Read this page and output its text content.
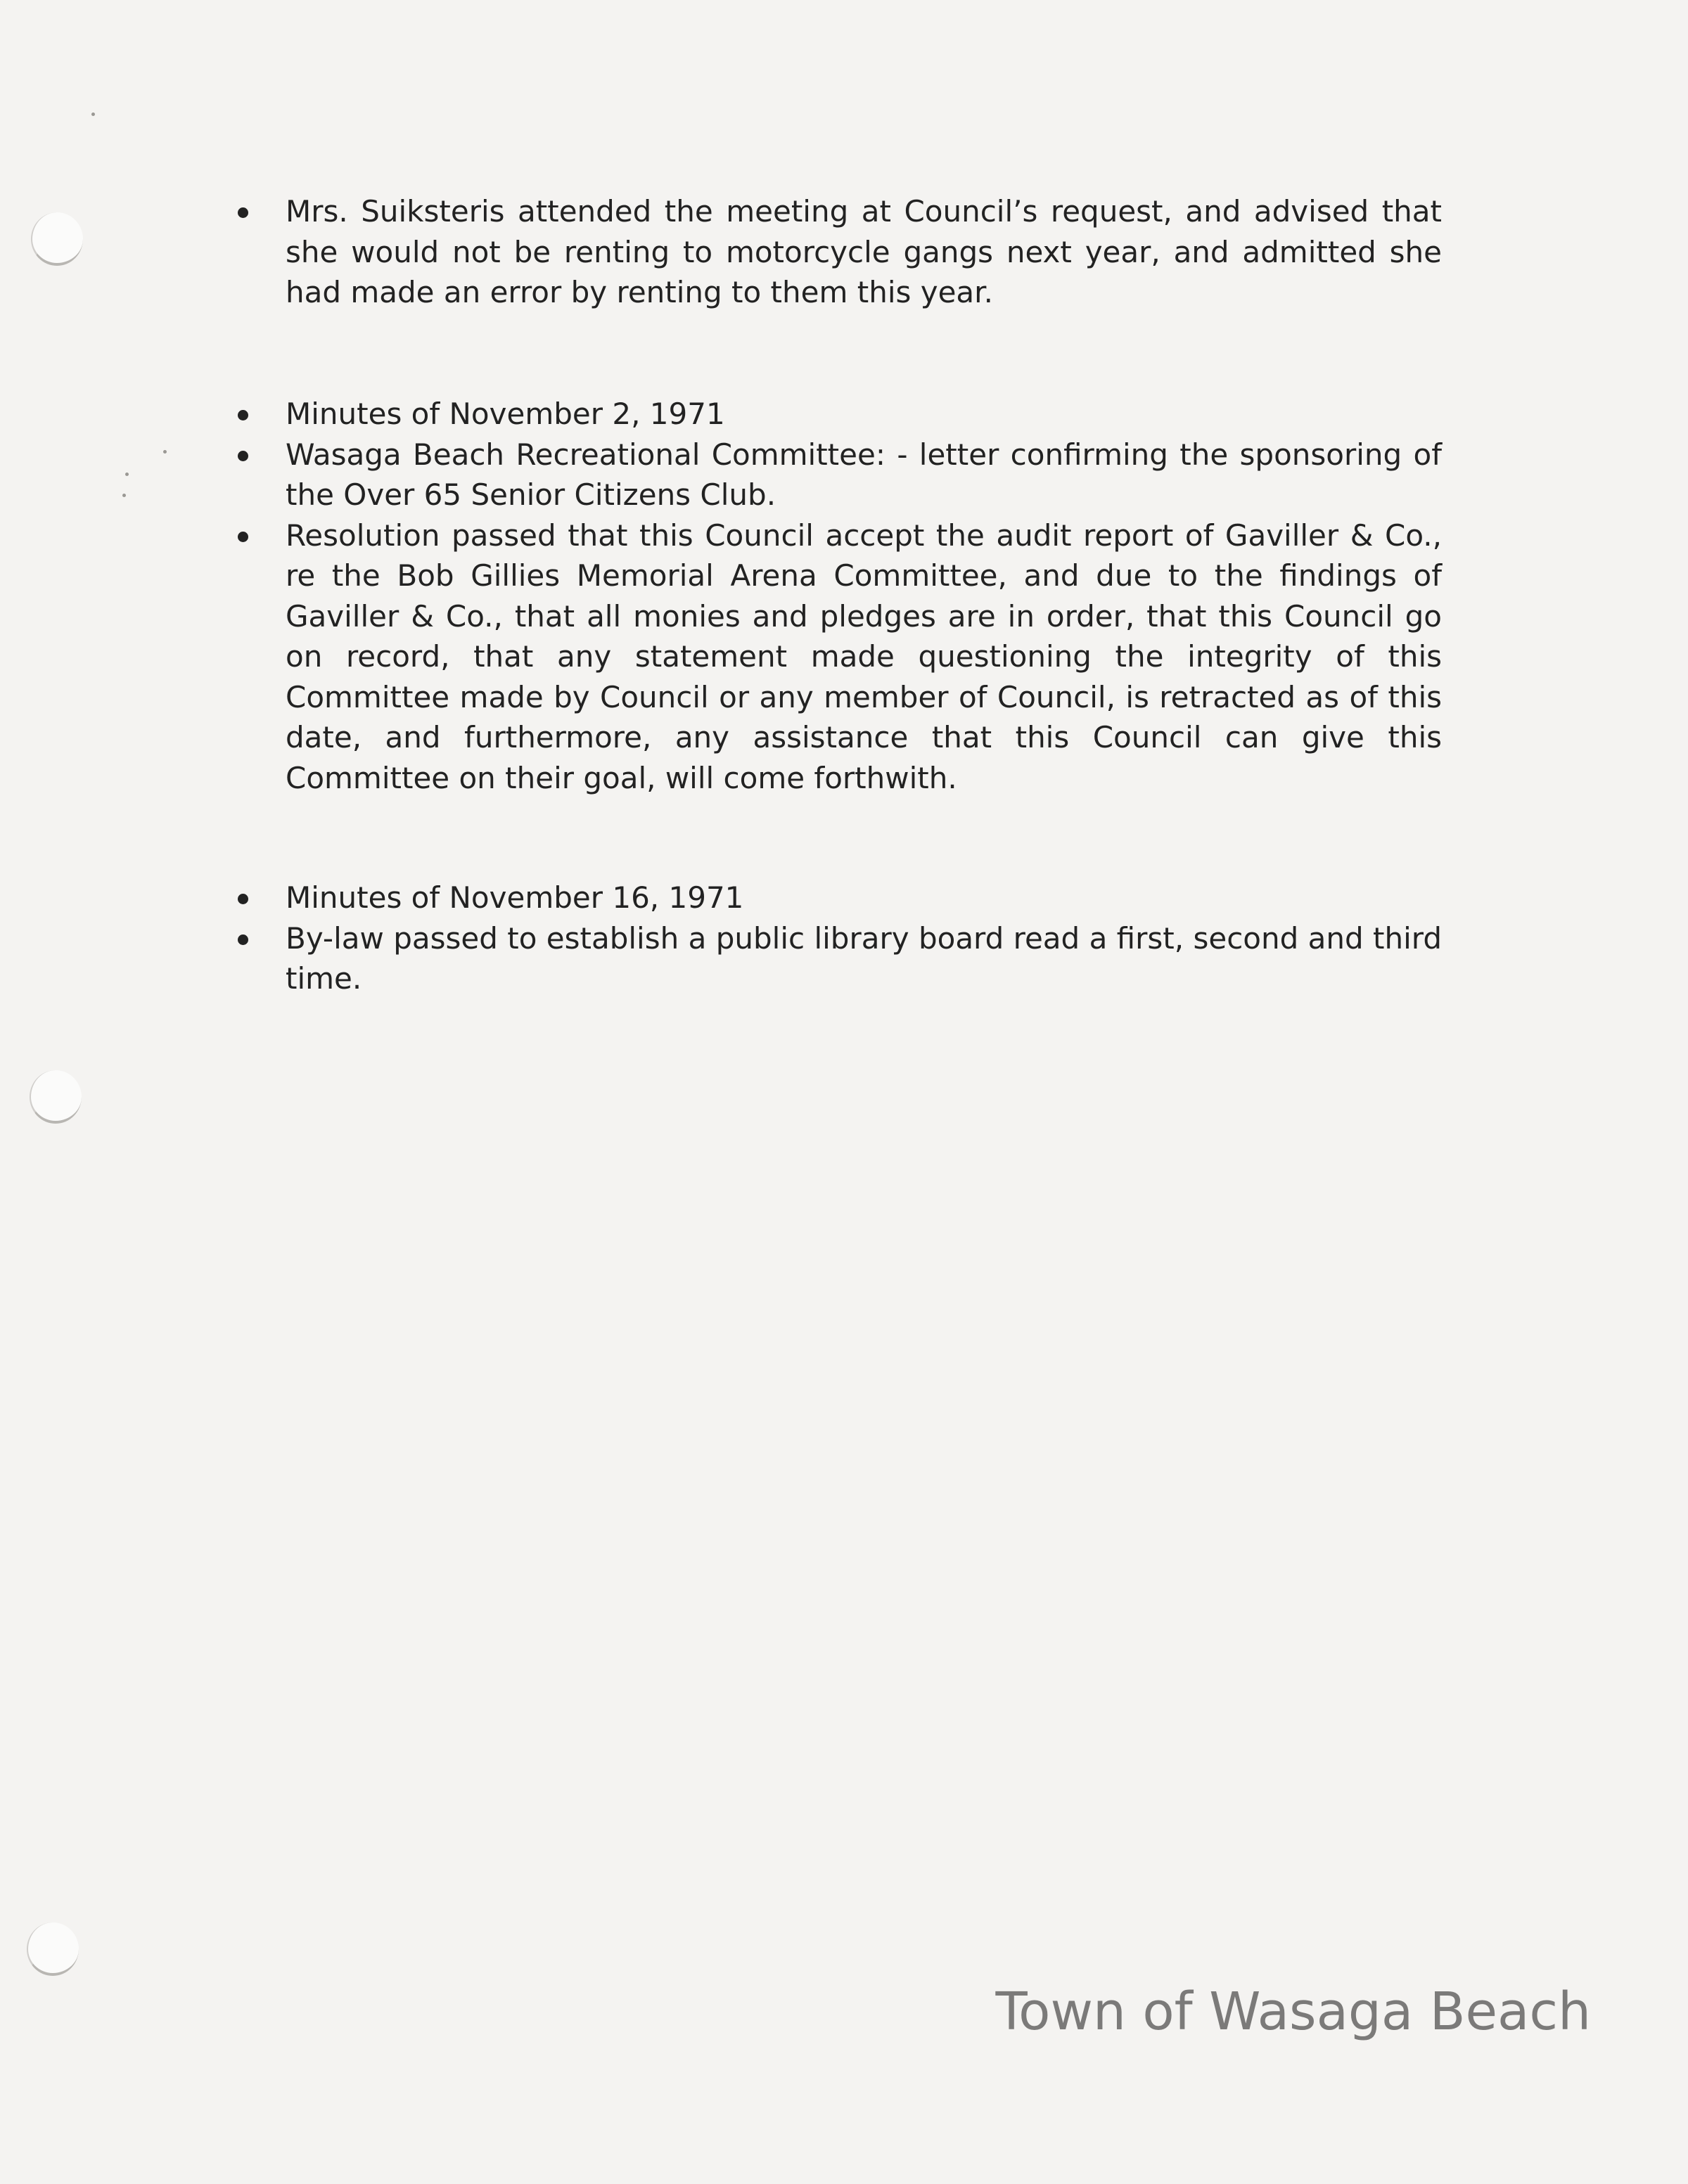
Mrs. Suiksteris attended the meeting at Council’s request, and advised that she would not be renting to motorcycle gangs next year, and admitted she had made an error by renting to them this year.
Minutes of November 2, 1971
Wasaga Beach Recreational Committee: - letter confirming the sponsoring of the Over 65 Senior Citizens Club.
Resolution passed that this Council accept the audit report of Gaviller & Co., re the Bob Gillies Memorial Arena Committee, and due to the findings of Gaviller & Co., that all monies and pledges are in order, that this Council go on record, that any statement made questioning the integrity of this Committee made by Council or any member of Council, is retracted as of this date, and furthermore, any assistance that this Council can give this Committee on their goal, will come forthwith.
Minutes of November 16, 1971
By-law passed to establish a public library board read a first, second and third time.
Town of Wasaga Beach
